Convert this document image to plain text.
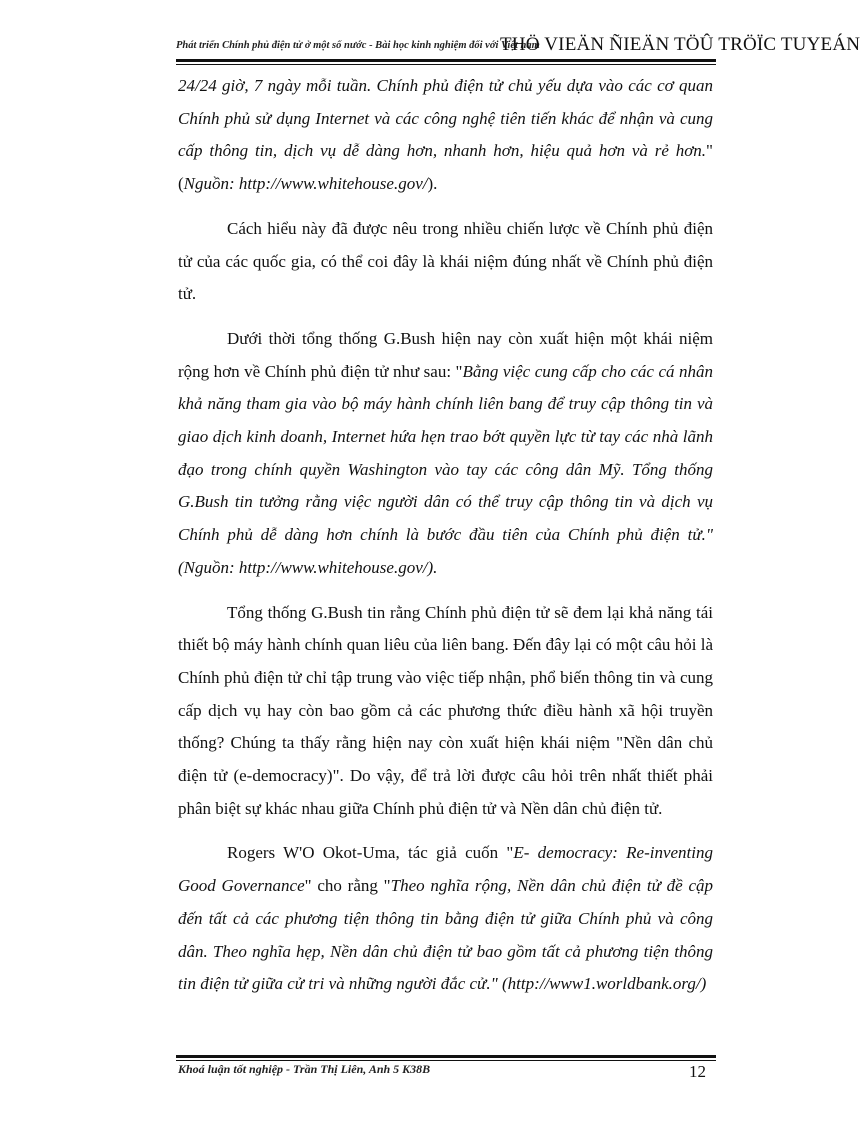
Phát triển Chính phủ điện tử ở một số nước - Bài học kinh nghiệm đối với Việt nam
THÖ VIEÄN ÑIEÄN TÖÛ TRÖÏC TUYEÁN

24/24 giờ, 7 ngày mỗi tuần. Chính phủ điện tử chủ yếu dựa vào các cơ quan Chính phủ sử dụng Internet và các công nghệ tiên tiến khác để nhận và cung cấp thông tin, dịch vụ dễ dàng hơn, nhanh hơn, hiệu quả hơn và rẻ hơn." (Nguồn: http://www.whitehouse.gov/).

Cách hiểu này đã được nêu trong nhiều chiến lược về Chính phủ điện tử của các quốc gia, có thể coi đây là khái niệm đúng nhất về Chính phủ điện tử.

Dưới thời tổng thống G.Bush hiện nay còn xuất hiện một khái niệm rộng hơn về Chính phủ điện tử như sau: "Bằng việc cung cấp cho các cá nhân khả năng tham gia vào bộ máy hành chính liên bang để truy cập thông tin và giao dịch kinh doanh, Internet hứa hẹn trao bớt quyền lực từ tay các nhà lãnh đạo trong chính quyền Washington vào tay các công dân Mỹ. Tổng thống G.Bush tin tưởng rằng việc người dân có thể truy cập thông tin và dịch vụ Chính phủ dễ dàng hơn chính là bước đầu tiên của Chính phủ điện tử." (Nguồn: http://www.whitehouse.gov/).

Tổng thống G.Bush tin rằng Chính phủ điện tử sẽ đem lại khả năng tái thiết bộ máy hành chính quan liêu của liên bang. Đến đây lại có một câu hỏi là Chính phủ điện tử chỉ tập trung vào việc tiếp nhận, phổ biến thông tin và cung cấp dịch vụ hay còn bao gồm cả các phương thức điều hành xã hội truyền thống? Chúng ta thấy rằng hiện nay còn xuất hiện khái niệm "Nền dân chủ điện tử (e-democracy)". Do vậy, để trả lời được câu hỏi trên nhất thiết phải phân biệt sự khác nhau giữa Chính phủ điện tử và Nền dân chủ điện tử.

Rogers W'O Okot-Uma, tác giả cuốn "E- democracy: Re-inventing Good Governance" cho rằng "Theo nghĩa rộng, Nền dân chủ điện tử đề cập đến tất cả các phương tiện thông tin bằng điện tử giữa Chính phủ và công dân. Theo nghĩa hẹp, Nền dân chủ điện tử bao gồm tất cả phương tiện thông tin điện tử giữa cử tri và những người đắc cử." (http://www1.worldbank.org/)

Khoá luận tốt nghiệp - Trần Thị Liên, Anh 5 K38B	12
